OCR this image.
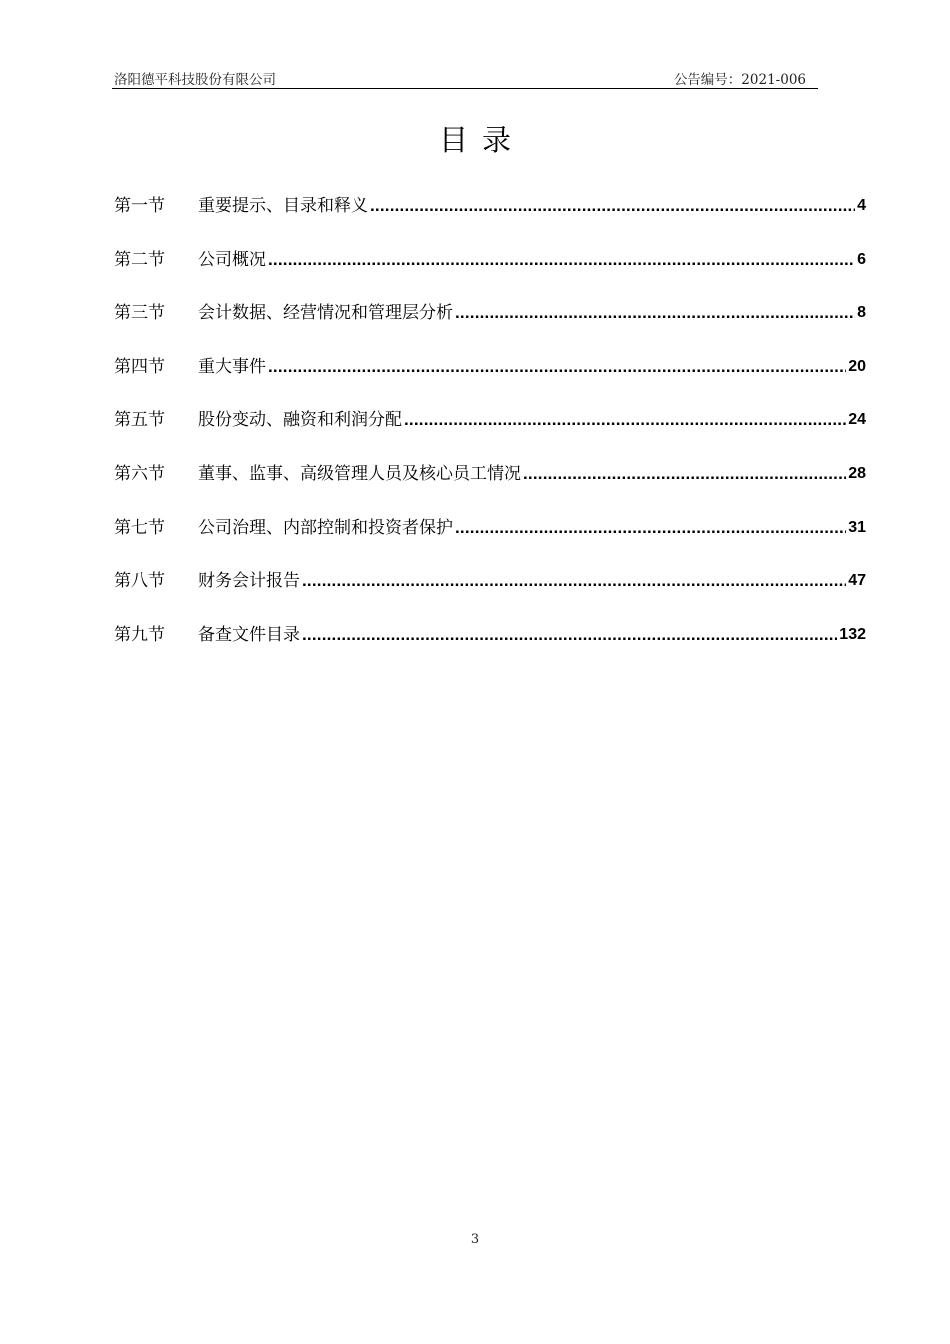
洛阳德平科技股份有限公司	公告编号：2021-006
目录
第一节	重要提示、目录和释义 .....	4
第二节	公司概况 .....	6
第三节	会计数据、经营情况和管理层分析 .....	8
第四节	重大事件 .....	20
第五节	股份变动、融资和利润分配 .....	24
第六节	董事、监事、高级管理人员及核心员工情况 .....	28
第七节	公司治理、内部控制和投资者保护 .....	31
第八节	财务会计报告 .....	47
第九节	备查文件目录 .....	132
3
